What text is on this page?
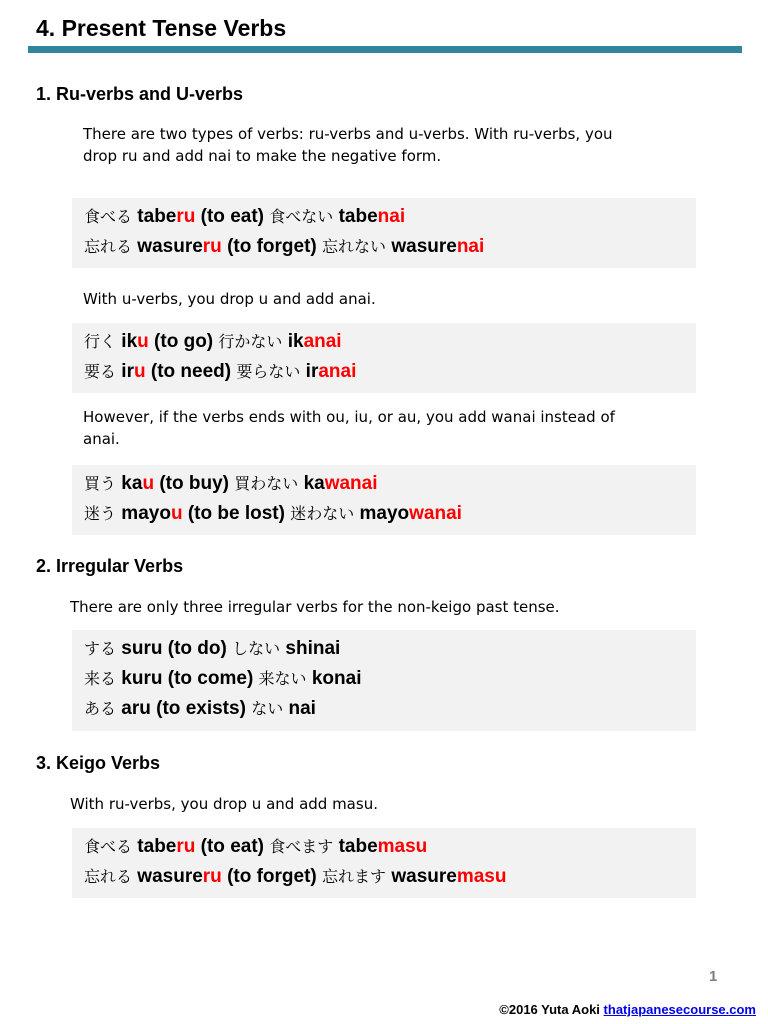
4. Present Tense Verbs
1. Ru-verbs and U-verbs
There are two types of verbs: ru-verbs and u-verbs. With ru-verbs, you
drop ru and add nai to make the negative form.
食べる taberu (to eat) 食べない tabenai
忘れる wasureru (to forget) 忘れない wasurenai
With u-verbs, you drop u and add anai.
行く iku (to go) 行かない ikanai
要る iru (to need) 要らない iranai
However, if the verbs ends with ou, iu, or au, you add wanai instead of
anai.
買う kau (to buy) 買わない kawanai
迷う mayou (to be lost) 迷わない mayowanai
2. Irregular Verbs
There are only three irregular verbs for the non-keigo past tense.
する suru (to do) しない shinai
来る kuru (to come) 来ない konai
ある aru (to exists) ない nai
3. Keigo Verbs
With ru-verbs, you drop u and add masu.
食べる taberu (to eat) 食べます tabemasu
忘れる wasureru (to forget) 忘れます wasuremasu
1
©2016 Yuta Aoki thatjapanesecourse.com
